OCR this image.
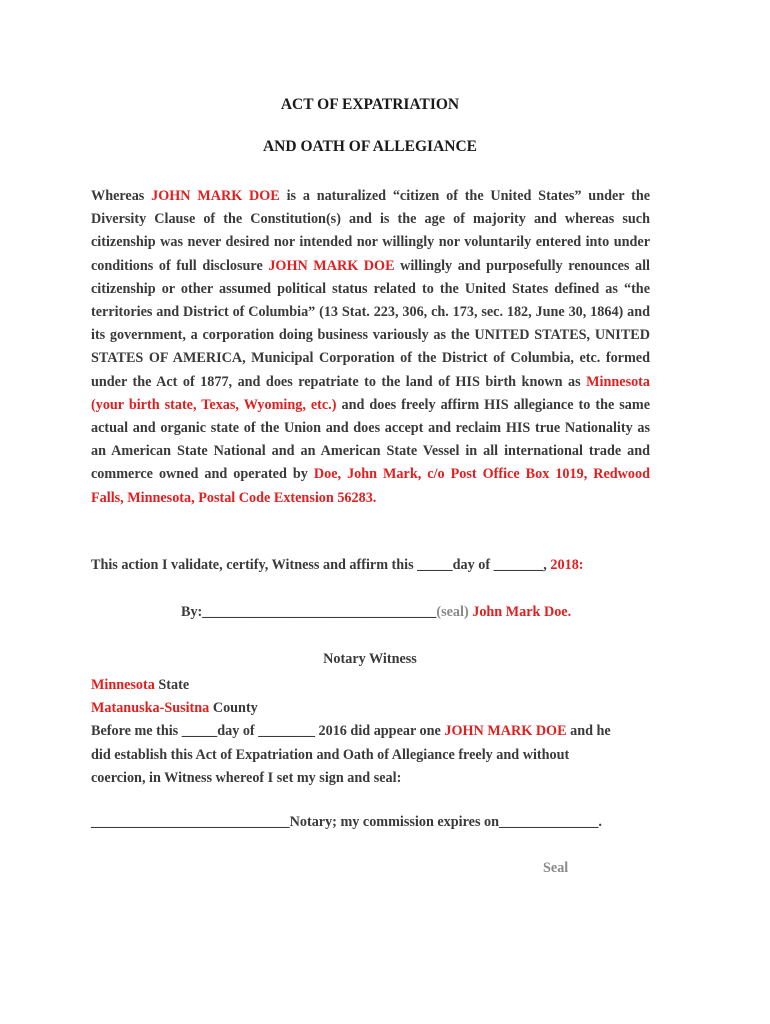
ACT OF EXPATRIATION
AND OATH OF ALLEGIANCE

Whereas JOHN MARK DOE is a naturalized “citizen of the United States” under the Diversity Clause of the Constitution(s) and is the age of majority and whereas such citizenship was never desired nor intended nor willingly nor voluntarily entered into under conditions of full disclosure JOHN MARK DOE willingly and purposefully renounces all citizenship or other assumed political status related to the United States defined as “the territories and District of Columbia” (13 Stat. 223, 306, ch. 173, sec. 182, June 30, 1864) and its government, a corporation doing business variously as the UNITED STATES, UNITED STATES OF AMERICA, Municipal Corporation of the District of Columbia, etc. formed under the Act of 1877, and does repatriate to the land of HIS birth known as Minnesota (your birth state, Texas, Wyoming, etc.) and does freely affirm HIS allegiance to the same actual and organic state of the Union and does accept and reclaim HIS true Nationality as an American State National and an American State Vessel in all international trade and commerce owned and operated by Doe, John Mark, c/o Post Office Box 1019, Redwood Falls, Minnesota, Postal Code Extension 56283.

This action I validate, certify, Witness and affirm this _____day of _______, 2018:

By:_________________________________(seal) John Mark Doe.

Notary Witness

Minnesota State
Matanuska-Susitna County
Before me this _____day of ________ 2016 did appear one JOHN MARK DOE and he
did establish this Act of Expatriation and Oath of Allegiance freely and without
coercion, in Witness whereof I set my sign and seal:

____________________________Notary; my commission expires on______________.

Seal
